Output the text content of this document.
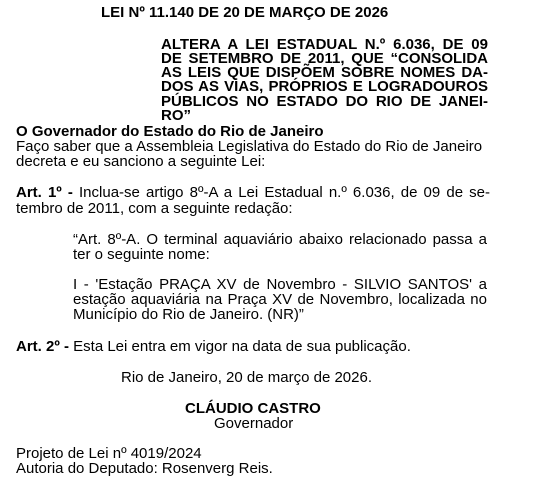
LEI Nº 11.140 DE 20 DE MARÇO DE 2026
ALTERA A LEI ESTADUAL N.º 6.036, DE 09
DE SETEMBRO DE 2011, QUE “CONSOLIDA
AS LEIS QUE DISPÕEM SOBRE NOMES DA-
DOS AS VIAS, PRÓPRIOS E LOGRADOUROS
PÚBLICOS NO ESTADO DO RIO DE JANEI-
RO”
O Governador do Estado do Rio de Janeiro
Faço saber que a Assembleia Legislativa do Estado do Rio de Janeiro
decreta e eu sanciono a seguinte Lei:
Art. 1º - Inclua-se artigo 8º-A a Lei Estadual n.º 6.036, de 09 de se-
tembro de 2011, com a seguinte redação:
“Art. 8º-A. O terminal aquaviário abaixo relacionado passa a
ter o seguinte nome:
I - 'Estação PRAÇA XV de Novembro - SILVIO SANTOS' a
estação aquaviária na Praça XV de Novembro, localizada no
Município do Rio de Janeiro. (NR)”
Art. 2º - Esta Lei entra em vigor na data de sua publicação.
Rio de Janeiro, 20 de março de 2026.
CLÁUDIO CASTRO
Governador
Projeto de Lei nº 4019/2024
Autoria do Deputado: Rosenverg Reis.
